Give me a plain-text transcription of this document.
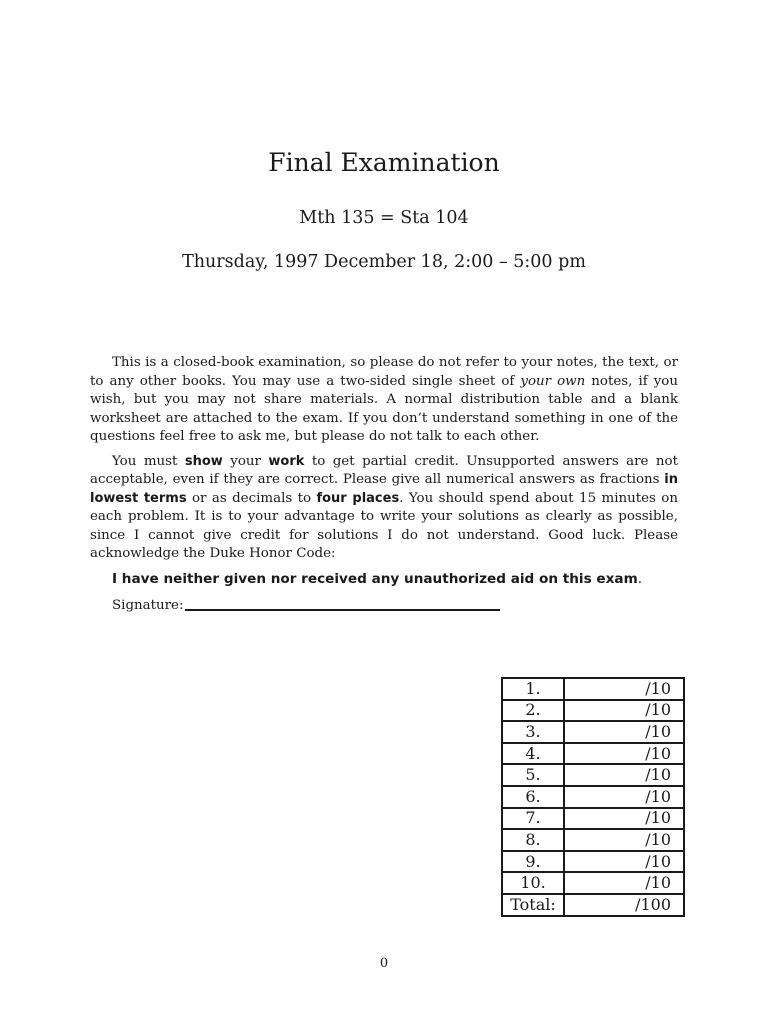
Final Examination
Mth 135 = Sta 104
Thursday, 1997 December 18, 2:00 – 5:00 pm

This is a closed-book examination, so please do not refer to your notes, the text, or to any other books. You may use a two-sided single sheet of your own notes, if you wish, but you may not share materials. A normal distribution table and a blank worksheet are attached to the exam. If you don’t understand something in one of the questions feel free to ask me, but please do not talk to each other.

You must show your work to get partial credit. Unsupported answers are not acceptable, even if they are correct. Please give all numerical answers as fractions in lowest terms or as decimals to four places. You should spend about 15 minutes on each problem. It is to your advantage to write your solutions as clearly as possible, since I cannot give credit for solutions I do not understand. Good luck. Please acknowledge the Duke Honor Code:

I have neither given nor received any unauthorized aid on this exam.

Signature:
1.	/10
2.	/10
3.	/10
4.	/10
5.	/10
6.	/10
7.	/10
8.	/10
9.	/10
10.	/10
Total:	/100
0
